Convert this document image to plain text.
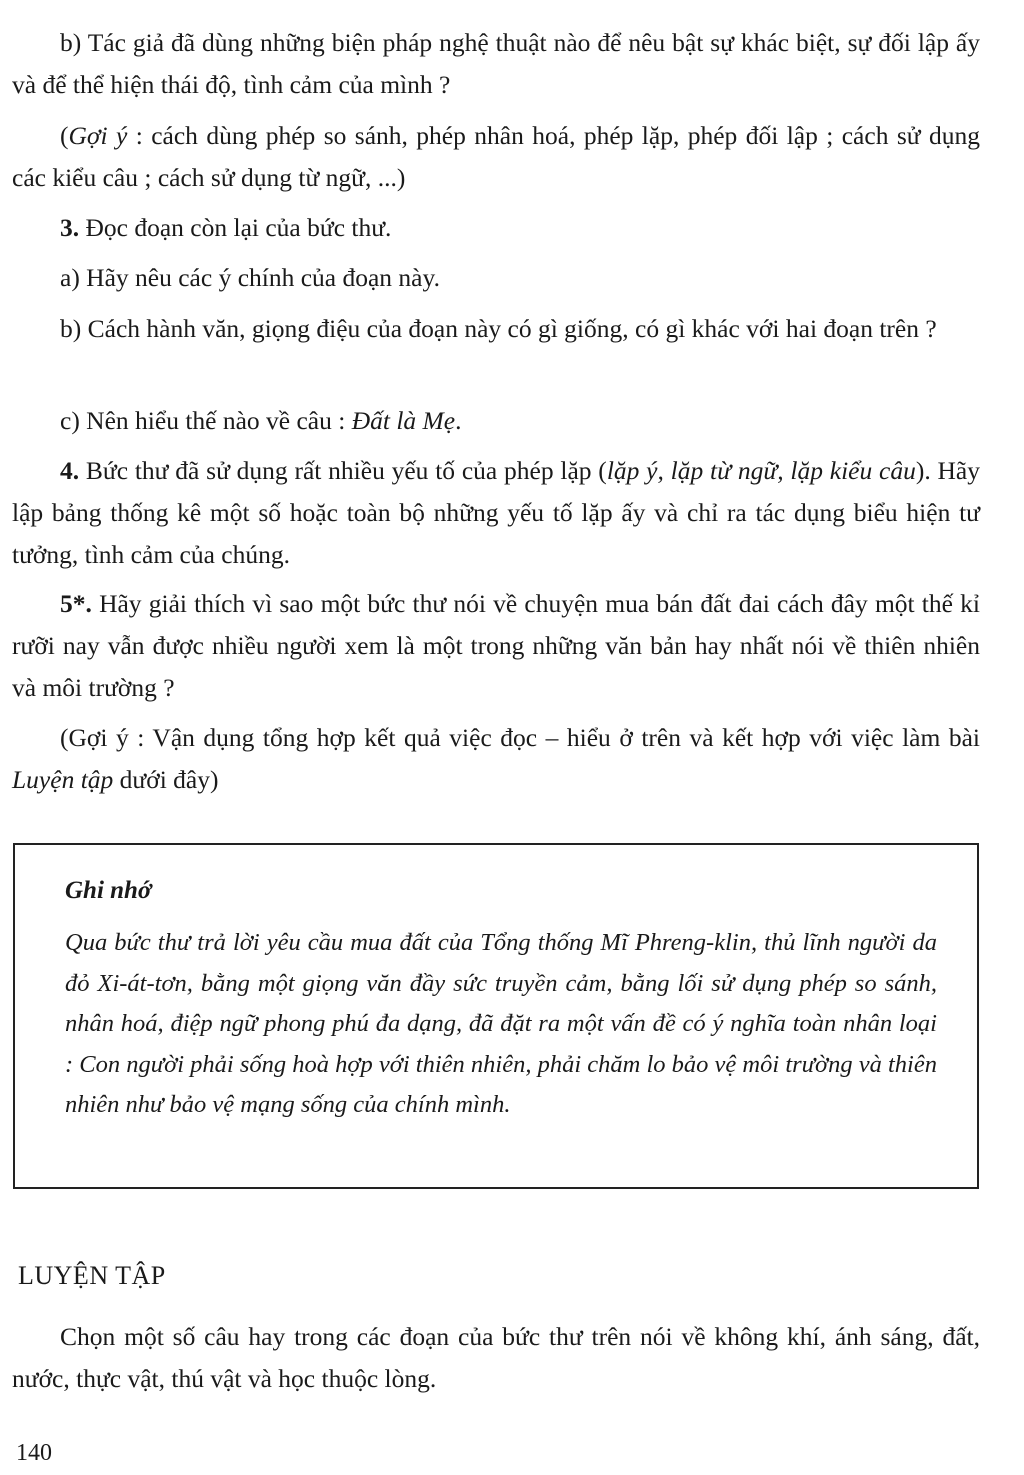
b) Tác giả đã dùng những biện pháp nghệ thuật nào để nêu bật sự khác biệt, sự đối lập ấy và để thể hiện thái độ, tình cảm của mình ?

(Gợi ý : cách dùng phép so sánh, phép nhân hoá, phép lặp, phép đối lập ; cách sử dụng các kiểu câu ; cách sử dụng từ ngữ, ...)

3. Đọc đoạn còn lại của bức thư.

a) Hãy nêu các ý chính của đoạn này.

b) Cách hành văn, giọng điệu của đoạn này có gì giống, có gì khác với hai đoạn trên ?

c) Nên hiểu thế nào về câu : Đất là Mẹ.

4. Bức thư đã sử dụng rất nhiều yếu tố của phép lặp (lặp ý, lặp từ ngữ, lặp kiểu câu). Hãy lập bảng thống kê một số hoặc toàn bộ những yếu tố lặp ấy và chỉ ra tác dụng biểu hiện tư tưởng, tình cảm của chúng.

5*. Hãy giải thích vì sao một bức thư nói về chuyện mua bán đất đai cách đây một thế kỉ rưỡi nay vẫn được nhiều người xem là một trong những văn bản hay nhất nói về thiên nhiên và môi trường ?

(Gợi ý : Vận dụng tổng hợp kết quả việc đọc – hiểu ở trên và kết hợp với việc làm bài Luyện tập dưới đây)

Ghi nhớ

Qua bức thư trả lời yêu cầu mua đất của Tổng thống Mĩ Phreng-klin, thủ lĩnh người da đỏ Xi-át-tơn, bằng một giọng văn đầy sức truyền cảm, bằng lối sử dụng phép so sánh, nhân hoá, điệp ngữ phong phú đa dạng, đã đặt ra một vấn đề có ý nghĩa toàn nhân loại : Con người phải sống hoà hợp với thiên nhiên, phải chăm lo bảo vệ môi trường và thiên nhiên như bảo vệ mạng sống của chính mình.

LUYỆN TẬP

Chọn một số câu hay trong các đoạn của bức thư trên nói về không khí, ánh sáng, đất, nước, thực vật, thú vật và học thuộc lòng.

140
